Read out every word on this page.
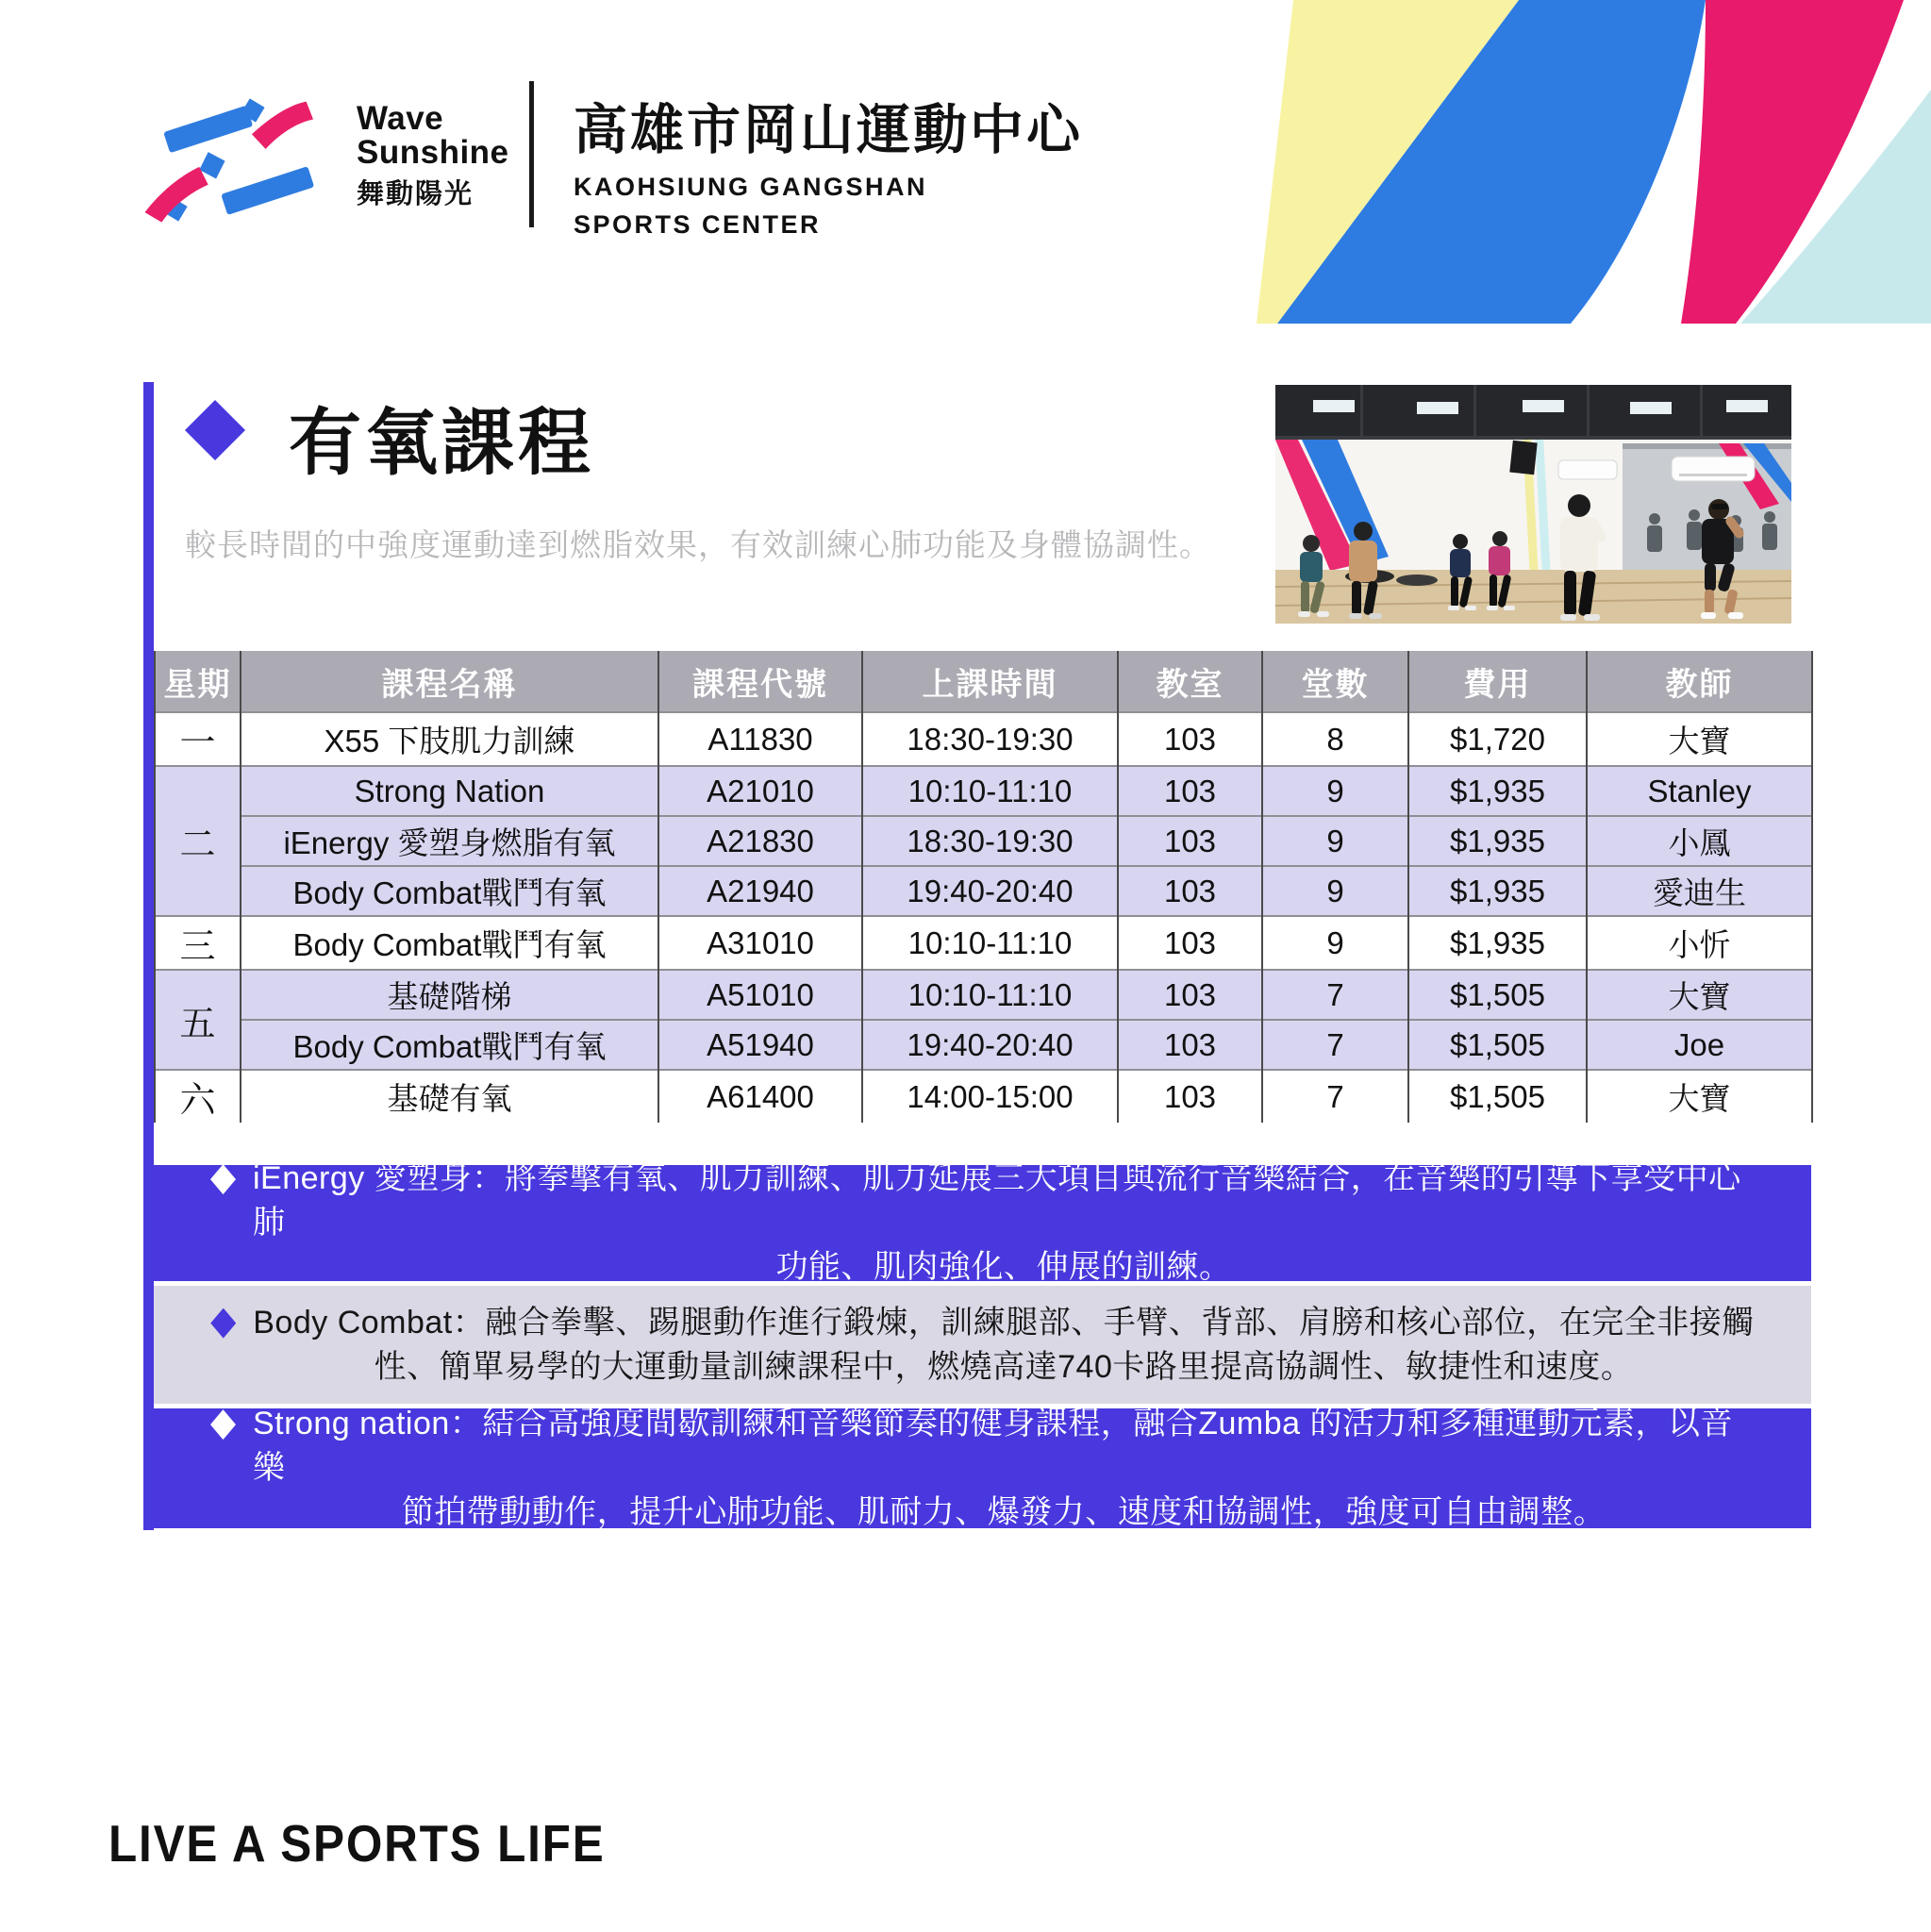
Wave
Sunshine
舞動陽光
高雄市岡山運動中心
KAOHSIUNG GANGSHAN
SPORTS CENTER
有氧課程
較長時間的中強度運動達到燃脂效果，有效訓練心肺功能及身體協調性。
星期	課程名稱	課程代號	上課時間	教室	堂數	費用	教師
一	X55 下肢肌力訓練	A11830	18:30-19:30	103	8	$1,720	大寶
二	Strong Nation	A21010	10:10-11:10	103	9	$1,935	Stanley
	iEnergy 愛塑身燃脂有氧	A21830	18:30-19:30	103	9	$1,935	小鳳
	Body Combat戰鬥有氧	A21940	19:40-20:40	103	9	$1,935	愛迪生
三	Body Combat戰鬥有氧	A31010	10:10-11:10	103	9	$1,935	小忻
五	基礎階梯	A51010	10:10-11:10	103	7	$1,505	大寶
	Body Combat戰鬥有氧	A51940	19:40-20:40	103	7	$1,505	Joe
六	基礎有氧	A61400	14:00-15:00	103	7	$1,505	大寶
iEnergy 愛塑身：將拳擊有氧、肌力訓練、肌力延展三大項目與流行音樂結合，在音樂的引導下享受中心肺
功能、肌肉強化、伸展的訓練。
Body Combat：融合拳擊、踢腿動作進行鍛煉，訓練腿部、手臂、背部、肩膀和核心部位，在完全非接觸
性、簡單易學的大運動量訓練課程中，燃燒高達740卡路里提高協調性、敏捷性和速度。
Strong nation：結合高強度間歇訓練和音樂節奏的健身課程，融合Zumba 的活力和多種運動元素，以音樂
節拍帶動動作，提升心肺功能、肌耐力、爆發力、速度和協調性，強度可自由調整。
LIVE A SPORTS LIFE
